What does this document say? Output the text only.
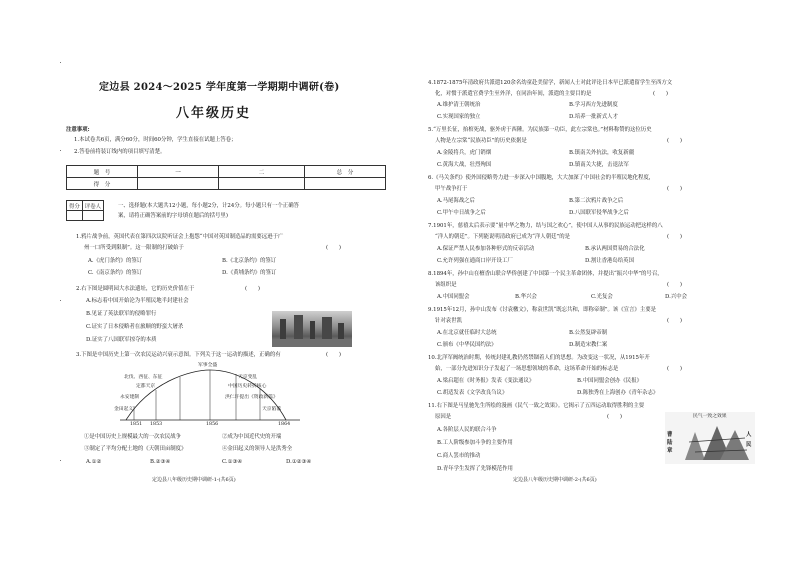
定边县 2024～2025 学年度第一学期期中调研(卷)
八年级历史
注意事项:
1.本试卷共6页，满分60分，时间60分钟，学生直接在试题上答卷；
2.答卷前将装订线内的项目填写清楚。
题　号	一	二	总　分
得　分			
得分	评卷人
		一、选择题(本大题共12小题，每小题2分，计24分。每小题只有一个正确答
案，请将正确答案前的字母填在题后的括号里)
1.鸦片战争前，英国代表在第四次议院听证会上抱怨“中国对英国制造品的需要远逊于广
州一口所受到限制”。这一限制的打破始于	(　　)
A.《虎门条约》的签订	B.《北京条约》的签订
C.《南京条约》的签订	D.《黄埔条约》的签订
2.右下图是圆明园大水法遗址，它的历史价值在于	(　　)
A.标志着中国开始沦为半殖民地半封建社会
B.见证了英法联军的侵略罪行
C.证实了日本侵略者在旅顺的野蛮大屠杀
D.证实了八国联军掠夺的本质
3.下图是中国历史上第一次农民运动兴衰示意图。下列关于这一运动的描述，正确的有	(　　)
军事全盛
北伐、西征、东征	天京变乱
定都天京	中国历史转折核心
永安建制	洪仁玕提出《资政新篇》
金田起义	天京陷落
1851 1853	1856	1864
①是中国历史上规模最大的一次农民战争	②成为中国近代史的开端
③制定了平均分配土地的《天朝田亩制度》	④金田起义的领导人是洪秀全
A.①②	B.②③④	C.①③④	D.①②③④
定边县八年级历史期中调研-1-(共6页)
4.1872-1875年清政府共派遣120余名幼童赴美留学，新闻人士对此评论日本早已派遣留学生至西方文
化，对惯于派遣官费学生至外洋，在同治年间，派遣的主要目的是	(　　)
A.维护清王朝统治	B.学习西方先进制度
C.实现国家的独立	D.培养一批新式人才
5.“万里长征，抬棺死战，驱外虏于西陲。为民族第一功臣，此左宗棠也。”材料称赞的这位历史
人物是左宗棠“民族功臣”的历史依据是	(　　)
A.金陵将兵，虎门销烟	B.镇南关外抗法，收复新疆
C.黄海大战，壮烈殉国	D.镇南关大捷，击退法军
6.《马关条约》使外国侵略势力进一步深入中国腹地，大大加深了中国社会的半殖民地化程度，
甲午战争打于	(　　)
A.马尾海战之后	B.第二次鸦片战争之后
C.甲午中日战争之后	D.八国联军侵华战争之后
7.1901年，慈禧太后表示要“量中华之物力，结与国之欢心”，使中国人从事的民族运动把这样的八
“洋人的朝廷”。下列能说明清政府已成为“洋人朝廷”的是	(　　)
A.保证严禁人民参加各种形式的反帝活动	B.承认两国贸易的合法化
C.允许列强在通商口岸开设工厂	D.割让香港岛给英国
8.1894年，孙中山在檀香山联合华侨创建了中国第一个民主革命团体，并提出“振兴中华”的号召，
该组织是	(　　)
A.中国同盟会	B.华兴会	C.光复会	D.兴中会
9.1915年12月，孙中山发布《讨袁檄文》，称袁世凯“既忘共和，即称帝制”。该《宣言》主要是
针对袁世凯	(　　)
A.在北京就任临时大总统	B.公然复辟帝制
C.颁布《中华民国约法》	D.制造宋教仁案
10.北洋军阀统治时期，传统封建礼教仍然禁锢着人们的思想。为改变这一状况，从1915年开
始，一部分先进知识分子发起了一场思想领域的革命，这场革命开始的标志是	(　　)
A.梁启超在《时务报》发表《变法通议》	B.中国同盟会创办《民报》
C.胡适发表《文学改良刍议》	D.陈独秀在上海创办《青年杂志》
11.右下图是马星驰先生所绘的漫画《民气一致之效果》。它揭示了五四运动取得胜利的主要
原因是	(　　)
A.各阶层人民的联合斗争
B.工人阶级参加斗争的主要作用
C.商人罢市的推动
D.青年学生发挥了先锋模范作用
民气一致之效果
曹
陆
章
人
民
定边县八年级历史期中调研-2-(共6页)
